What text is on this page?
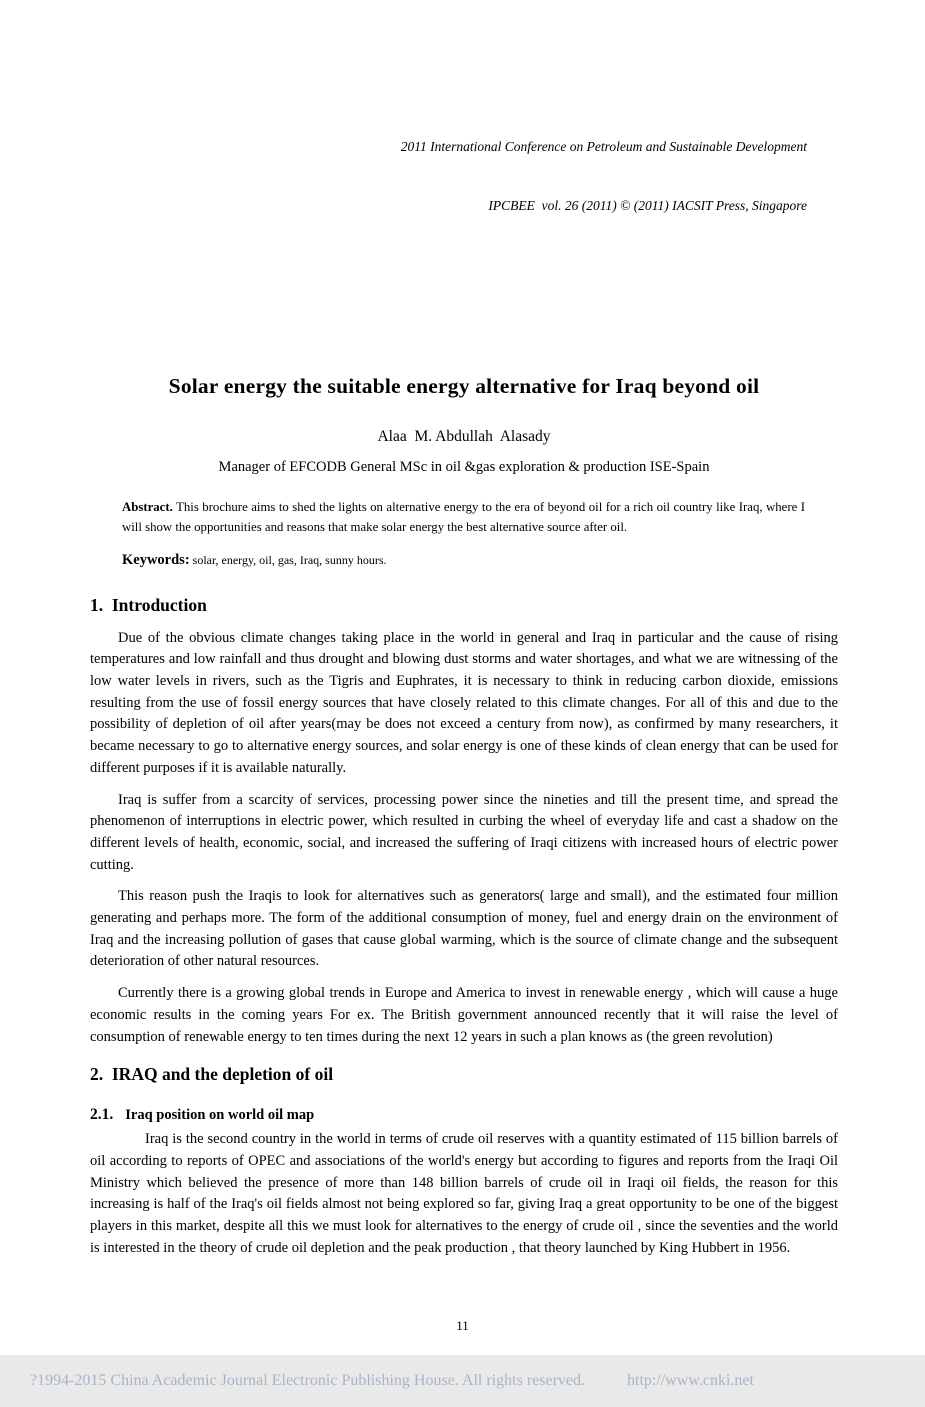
2011 International Conference on Petroleum and Sustainable Development

IPCBEE  vol. 26 (2011) © (2011) IACSIT Press, Singapore

Solar energy the suitable energy alternative for Iraq beyond oil
Alaa  M. Abdullah  Alasady
Manager of EFCODB General MSc in oil &gas exploration & production ISE-Spain

Abstract. This brochure aims to shed the lights on alternative energy to the era of beyond oil for a rich oil country like Iraq, where I will show the opportunities and reasons that make solar energy the best alternative source after oil.

Keywords: solar, energy, oil, gas, Iraq, sunny hours.

1.  Introduction

Due of the obvious climate changes taking place in the world in general and Iraq in particular and the cause of rising temperatures and low rainfall and thus drought and blowing dust storms and water shortages, and what we are witnessing of the low water levels in rivers, such as the Tigris and Euphrates, it is necessary to think in reducing carbon dioxide, emissions resulting from the use of fossil energy sources that have closely related to this climate changes. For all of this and due to the possibility of depletion of oil after years(may be does not exceed a century from now), as confirmed by many researchers, it became necessary to go to alternative energy sources, and solar energy is one of these kinds of clean energy that can be used for different purposes if it is available naturally.

Iraq is suffer from a scarcity of services, processing power since the nineties and till the present time, and spread the phenomenon of interruptions in electric power, which resulted in curbing the wheel of everyday life and cast a shadow on the different levels of health, economic, social, and increased the suffering of Iraqi citizens with increased hours of electric power cutting.

This reason push the Iraqis to look for alternatives such as generators( large and small), and the estimated four million generating and perhaps more. The form of the additional consumption of money, fuel and energy drain on the environment of Iraq and the increasing pollution of gases that cause global warming, which is the source of climate change and the subsequent deterioration of other natural resources.

Currently there is a growing global trends in Europe and America to invest in renewable energy , which will cause a huge economic results in the coming years For ex. The British government announced recently that it will raise the level of consumption of renewable energy to ten times during the next 12 years in such a plan knows as (the green revolution)

2.  IRAQ and the depletion of oil
2.1. Iraq position on world oil map

Iraq is the second country in the world in terms of crude oil reserves with a quantity estimated of 115 billion barrels of oil according to reports of OPEC and associations of the world's energy but according to figures and reports from the Iraqi Oil Ministry which believed the presence of more than 148 billion barrels of crude oil in Iraqi oil fields, the reason for this increasing is half of the Iraq's oil fields almost not being explored so far, giving Iraq a great opportunity to be one of the biggest players in this market, despite all this we must look for alternatives to the energy of crude oil , since the seventies and the world is interested in the theory of crude oil depletion and the peak production , that theory launched by King Hubbert in 1956.

11
?1994-2015 China Academic Journal Electronic Publishing House. All rights reserved.	http://www.cnki.net
